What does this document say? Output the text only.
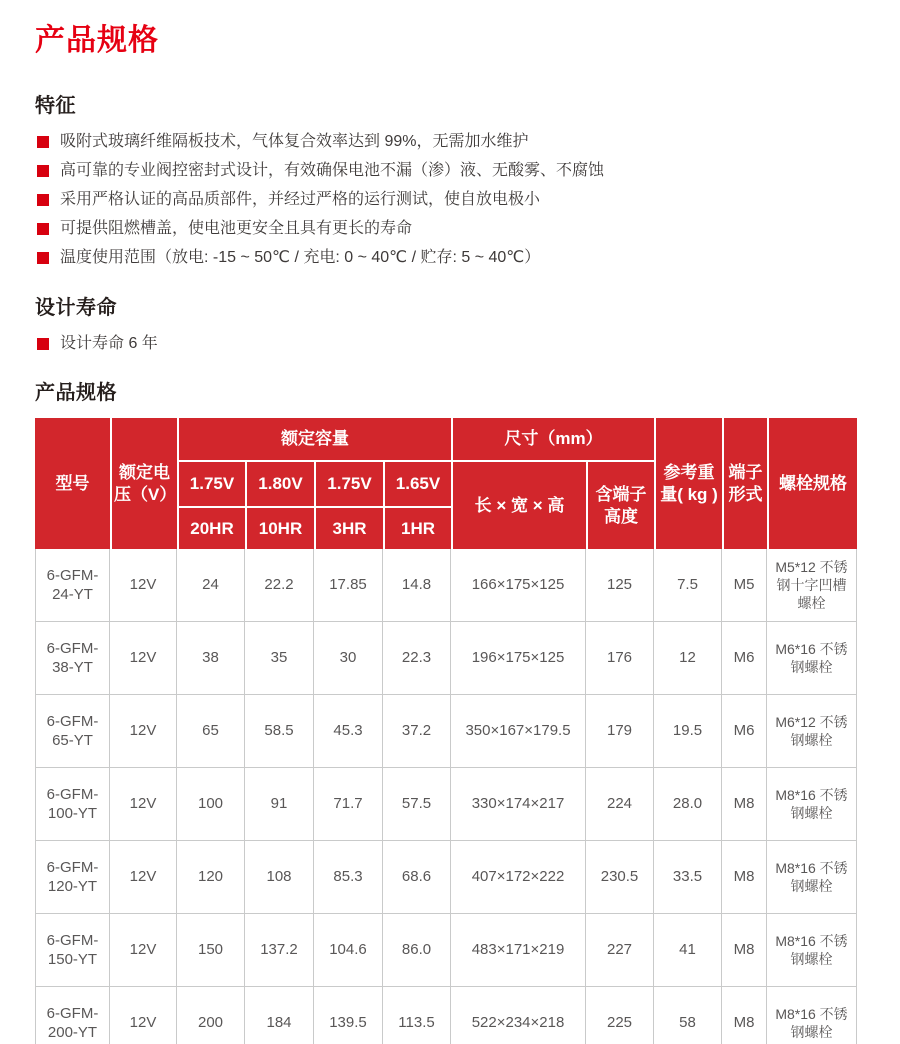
产品规格
特征
吸附式玻璃纤维隔板技术，气体复合效率达到 99%，无需加水维护
高可靠的专业阀控密封式设计，有效确保电池不漏（渗）液、无酸雾、不腐蚀
采用严格认证的高品质部件，并经过严格的运行测试，使自放电极小
可提供阻燃槽盖，使电池更安全且具有更长的寿命
温度使用范围（放电: -15 ~ 50℃ / 充电: 0 ~ 40℃ / 贮存: 5 ~ 40℃）
设计寿命
设计寿命 6 年
产品规格
型号	额定电压（V）	额定容量				尺寸（mm）		参考重量( kg )	端子形式	螺栓规格
		1.75V	1.80V	1.75V	1.65V	长 × 宽 × 高	含端子高度			
		20HR	10HR	3HR	1HR					
6-GFM-24-YT	12V	24	22.2	17.85	14.8	166×175×125	125	7.5	M5	M5*12 不锈钢十字凹槽螺栓
6-GFM-38-YT	12V	38	35	30	22.3	196×175×125	176	12	M6	M6*16 不锈钢螺栓
6-GFM-65-YT	12V	65	58.5	45.3	37.2	350×167×179.5	179	19.5	M6	M6*12 不锈钢螺栓
6-GFM-100-YT	12V	100	91	71.7	57.5	330×174×217	224	28.0	M8	M8*16 不锈钢螺栓
6-GFM-120-YT	12V	120	108	85.3	68.6	407×172×222	230.5	33.5	M8	M8*16 不锈钢螺栓
6-GFM-150-YT	12V	150	137.2	104.6	86.0	483×171×219	227	41	M8	M8*16 不锈钢螺栓
6-GFM-200-YT	12V	200	184	139.5	113.5	522×234×218	225	58	M8	M8*16 不锈钢螺栓
